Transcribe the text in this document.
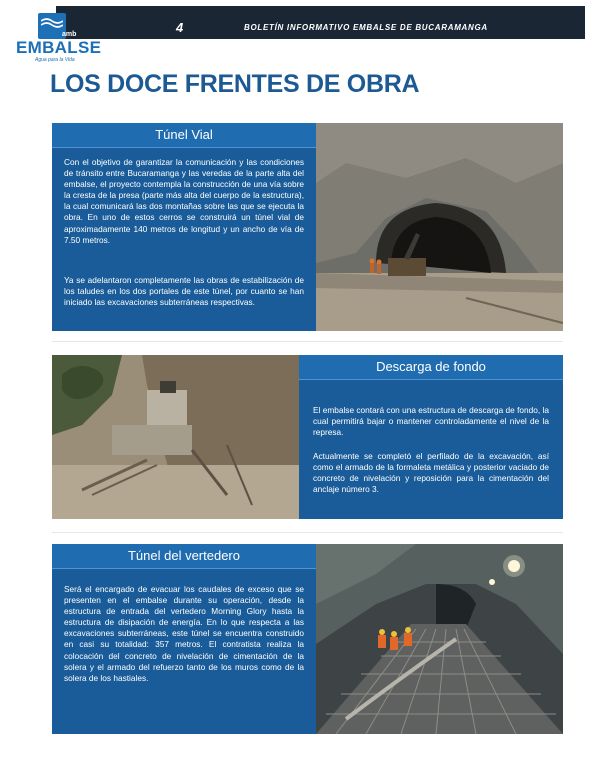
4	BOLETÍN INFORMATIVO EMBALSE DE BUCARAMANGA
amb
EMBALSE
Agua para la Vida
LOS DOCE FRENTES DE OBRA
Túnel Vial

Con el objetivo de garantizar la comunicación y las condiciones de tránsito entre Bucaramanga y las veredas de la parte alta del embalse, el proyecto contempla la construcción de una vía sobre la cresta de la presa (parte más alta del cuerpo de la estructura), la cual comunicará las dos montañas sobre las que se ejecuta la obra. En uno de estos cerros se construirá un túnel vial de aproximadamente 140 metros de longitud y un ancho de vía de 7.50 metros.

Ya se adelantaron completamente las obras de estabilización de los taludes en los dos portales de este túnel, por cuanto se han iniciado las excavaciones subterráneas respectivas.

Descarga de fondo

El embalse contará con una estructura de descarga de fondo, la cual permitirá bajar o mantener controladamente el nivel de la represa.

Actualmente se completó el perfilado de la excavación, así como el armado de la formaleta metálica y posterior vaciado de concreto de nivelación y reposición para la cimentación del anclaje número 3.

Túnel del vertedero

Será el encargado de evacuar los caudales de exceso que se presenten en el embalse durante su operación, desde la estructura de entrada del vertedero Morning Glory hasta la estructura de disipación de energía. En lo que respecta a las excavaciones subterráneas, este túnel se encuentra construido en casi su totalidad: 357 metros. El contratista realiza la colocación del concreto de nivelación de cimentación de la solera y el armado del refuerzo tanto de los muros como de la solera de los hastiales.
